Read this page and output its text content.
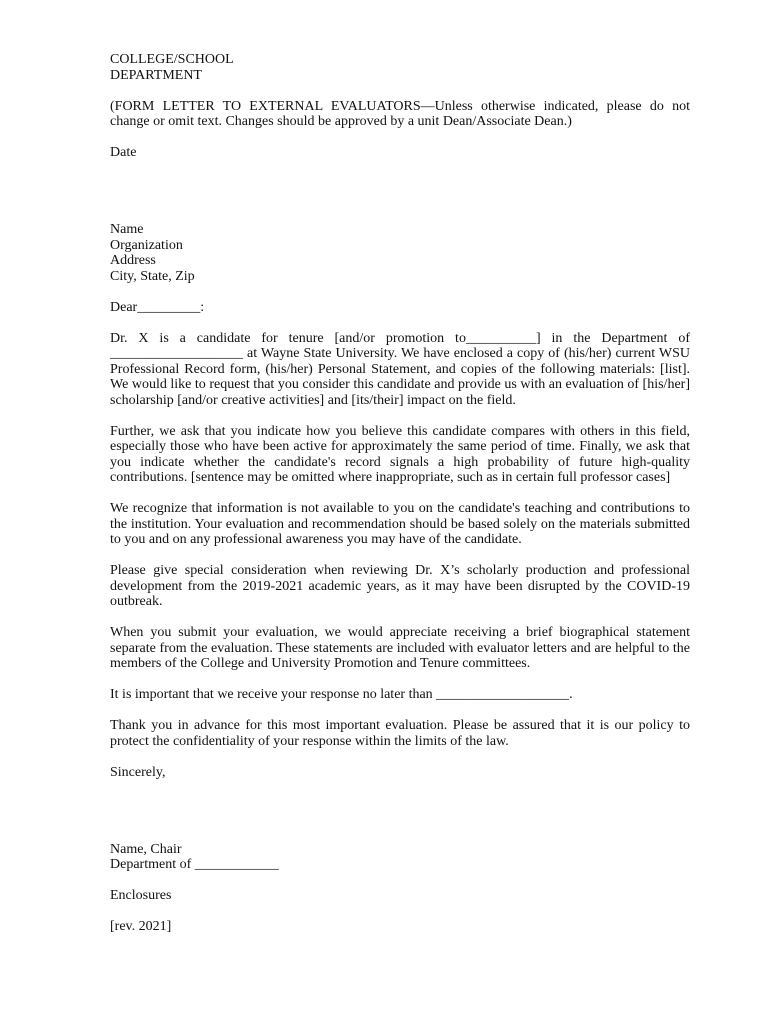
COLLEGE/SCHOOL
DEPARTMENT

(FORM LETTER TO EXTERNAL EVALUATORS—Unless otherwise indicated, please do not change or omit text. Changes should be approved by a unit Dean/Associate Dean.)

Date

Name
Organization
Address
City, State, Zip

Dear_________:

Dr. X is a candidate for tenure [and/or promotion to__________] in the Department of ___________________ at Wayne State University. We have enclosed a copy of (his/her) current WSU Professional Record form, (his/her) Personal Statement, and copies of the following materials: [list]. We would like to request that you consider this candidate and provide us with an evaluation of [his/her] scholarship [and/or creative activities] and [its/their] impact on the field.

Further, we ask that you indicate how you believe this candidate compares with others in this field, especially those who have been active for approximately the same period of time. Finally, we ask that you indicate whether the candidate's record signals a high probability of future high-quality contributions. [sentence may be omitted where inappropriate, such as in certain full professor cases]

We recognize that information is not available to you on the candidate's teaching and contributions to the institution. Your evaluation and recommendation should be based solely on the materials submitted to you and on any professional awareness you may have of the candidate.

Please give special consideration when reviewing Dr. X’s scholarly production and professional development from the 2019-2021 academic years, as it may have been disrupted by the COVID-19 outbreak.

When you submit your evaluation, we would appreciate receiving a brief biographical statement separate from the evaluation. These statements are included with evaluator letters and are helpful to the members of the College and University Promotion and Tenure committees.

It is important that we receive your response no later than ___________________.

Thank you in advance for this most important evaluation. Please be assured that it is our policy to protect the confidentiality of your response within the limits of the law.

Sincerely,

Name, Chair
Department of ____________

Enclosures

[rev. 2021]
